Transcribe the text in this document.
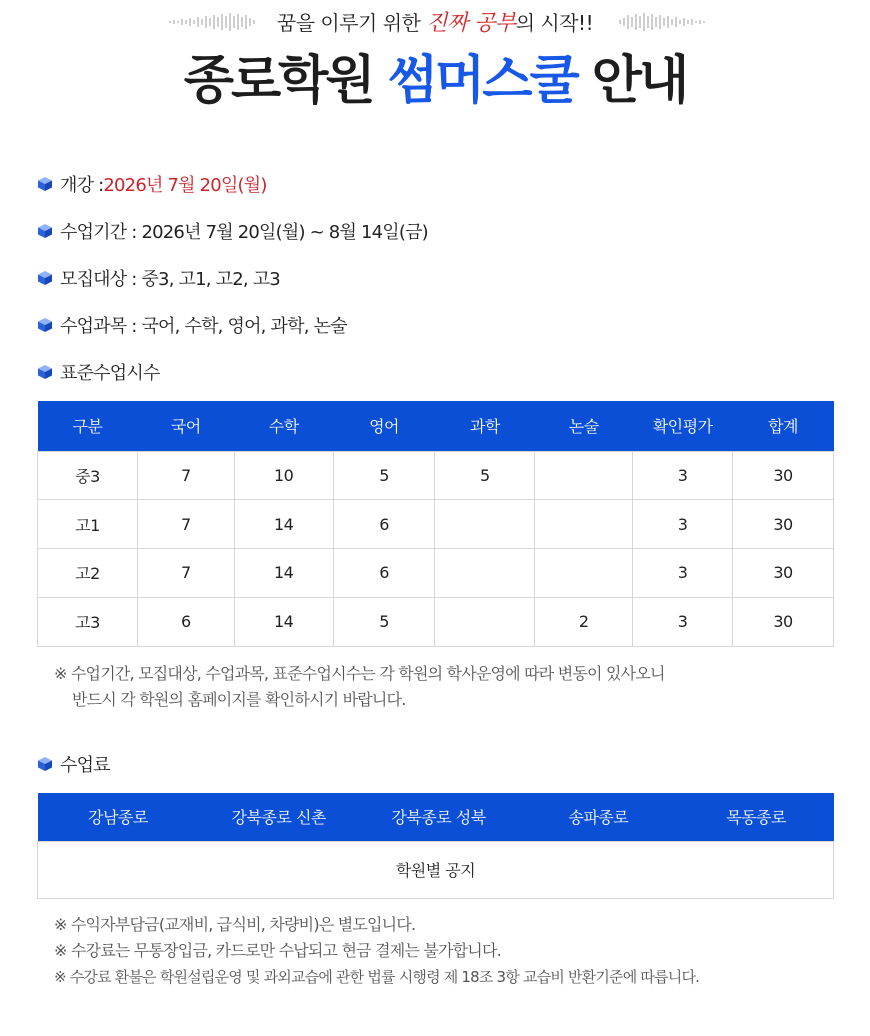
꿈을 이루기 위한 진짜 공부의 시작!!
종로학원 썸머스쿨 안내
개강 : 2026년 7월 20일(월)
수업기간 : 2026년 7월 20일(월) ~ 8월 14일(금)
모집대상 : 중3, 고1, 고2, 고3
수업과목 : 국어, 수학, 영어, 과학, 논술
표준수업시수
구분	국어	수학	영어	과학	논술	확인평가	합계
중3	7	10	5	5		3	30
고1	7	14	6			3	30
고2	7	14	6			3	30
고3	6	14	5		2	3	30
※ 수업기간, 모집대상, 수업과목, 표준수업시수는 각 학원의 학사운영에 따라 변동이 있사오니
반드시 각 학원의 홈페이지를 확인하시기 바랍니다.
수업료
강남종로	강북종로 신촌	강북종로 성북	송파종로	목동종로
학원별 공지
※ 수익자부담금(교재비, 급식비, 차량비)은 별도입니다.
※ 수강료는 무통장입금, 카드로만 수납되고 현금 결제는 불가합니다.
※ 수강료 환불은 학원설립운영 및 과외교습에 관한 법률 시행령 제 18조 3항 교습비 반환기준에 따릅니다.
